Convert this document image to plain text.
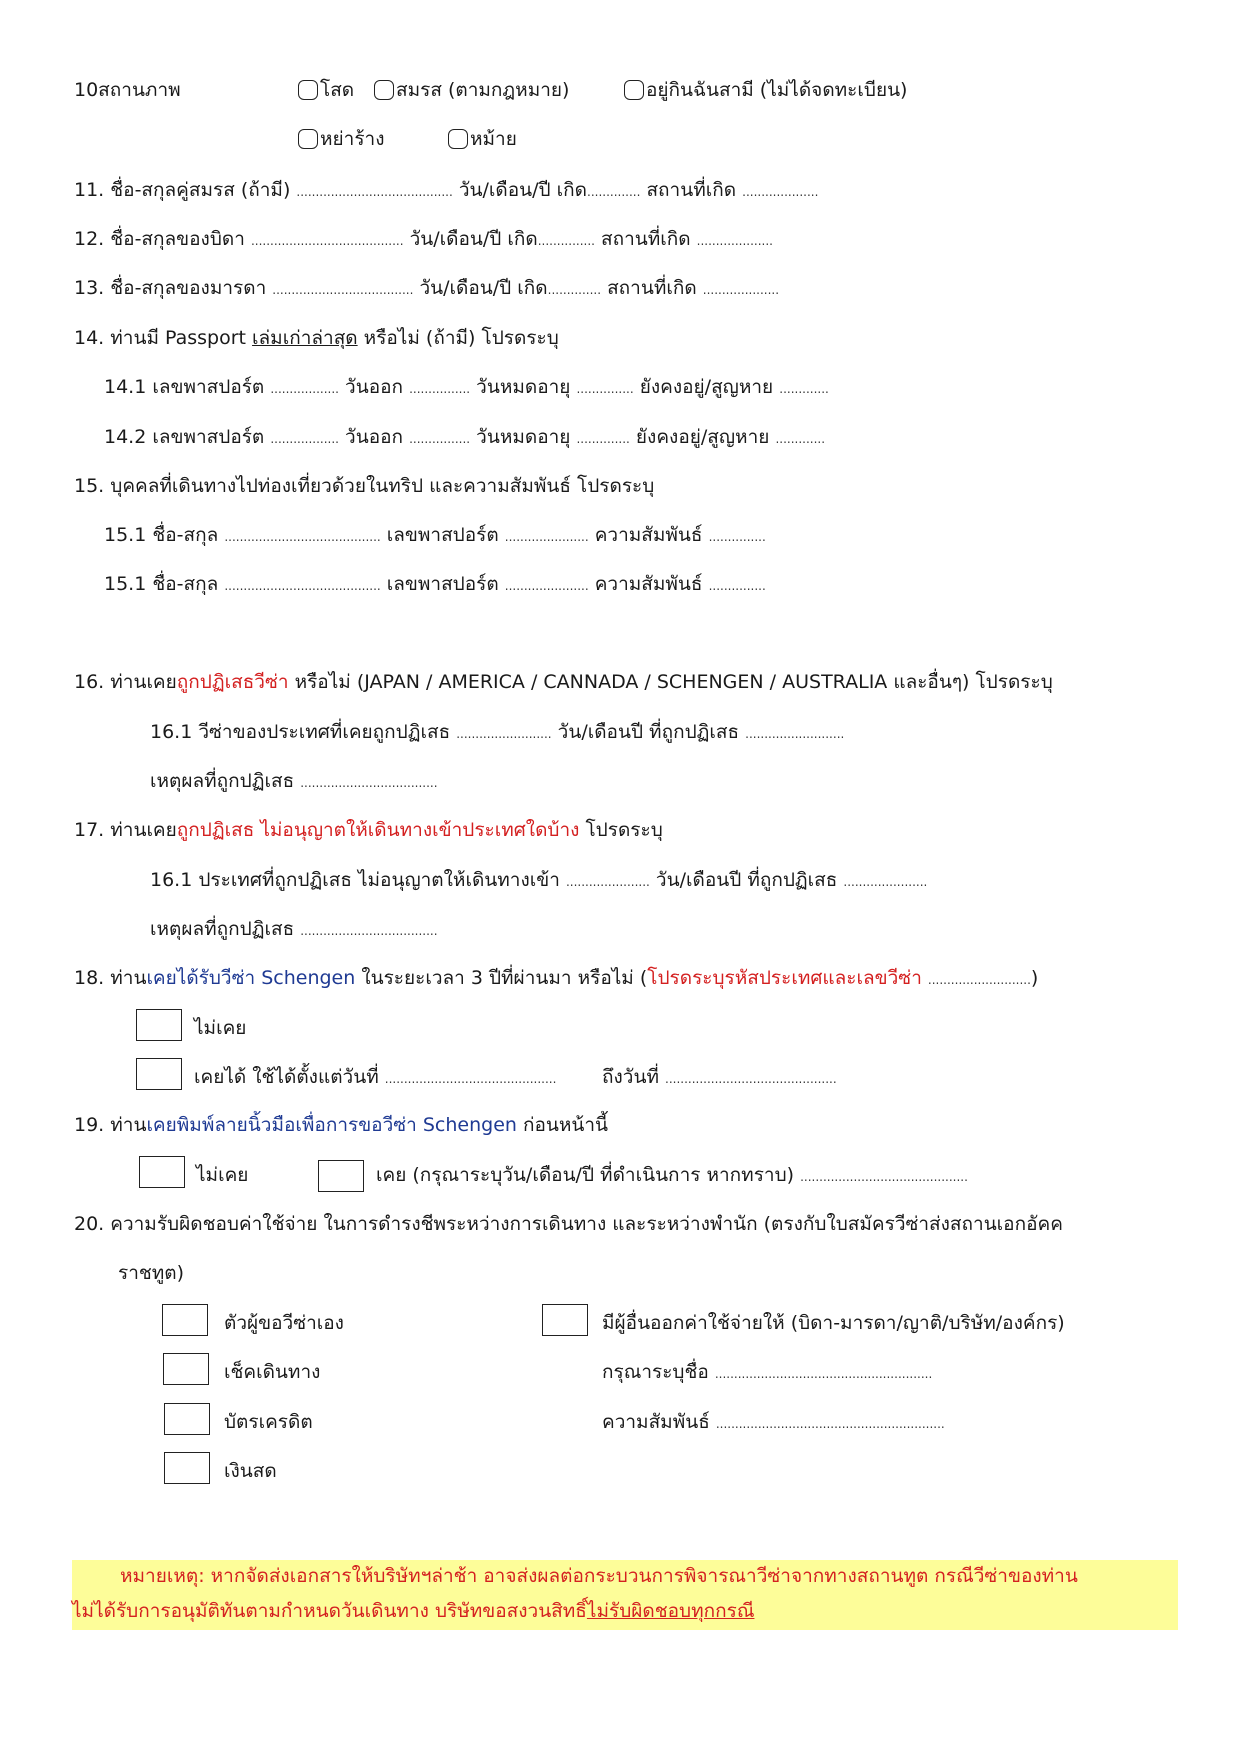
10สถานภาพ	โสด	สมรส (ตามกฎหมาย)	อยู่กินฉันสามี (ไม่ได้จดทะเบียน)
หย่าร้าง	หม้าย
11. ชื่อ-สกุลคู่สมรส (ถ้ามี) ......................................... วัน/เดือน/ปี เกิด.............. สถานที่เกิด ....................
12. ชื่อ-สกุลของบิดา ........................................ วัน/เดือน/ปี เกิด............... สถานที่เกิด ....................
13. ชื่อ-สกุลของมารดา ..................................... วัน/เดือน/ปี เกิด.............. สถานที่เกิด ....................
14. ท่านมี Passport เล่มเก่าล่าสุด หรือไม่ (ถ้ามี) โปรดระบุ
14.1 เลขพาสปอร์ต .................. วันออก ................ วันหมดอายุ ............... ยังคงอยู่/สูญหาย .............
14.2 เลขพาสปอร์ต .................. วันออก ................ วันหมดอายุ .............. ยังคงอยู่/สูญหาย .............
15. บุคคลที่เดินทางไปท่องเที่ยวด้วยในทริป และความสัมพันธ์ โปรดระบุ
15.1 ชื่อ-สกุล ......................................... เลขพาสปอร์ต ...................... ความสัมพันธ์ ...............
15.1 ชื่อ-สกุล ......................................... เลขพาสปอร์ต ...................... ความสัมพันธ์ ...............
16. ท่านเคยถูกปฏิเสธวีซ่า หรือไม่ (JAPAN / AMERICA / CANNADA / SCHENGEN / AUSTRALIA และอื่นๆ) โปรดระบุ
16.1 วีซ่าของประเทศที่เคยถูกปฏิเสธ ......................... วัน/เดือนปี ที่ถูกปฏิเสธ ..........................
เหตุผลที่ถูกปฏิเสธ ....................................
17. ท่านเคยถูกปฏิเสธ ไม่อนุญาตให้เดินทางเข้าประเทศใดบ้าง โปรดระบุ
16.1 ประเทศที่ถูกปฏิเสธ ไม่อนุญาตให้เดินทางเข้า ...................... วัน/เดือนปี ที่ถูกปฏิเสธ ......................
เหตุผลที่ถูกปฏิเสธ ....................................
18. ท่านเคยได้รับวีซ่า Schengen ในระยะเวลา 3 ปีที่ผ่านมา หรือไม่ (โปรดระบุรหัสประเทศและเลขวีซ่า ...........................)
ไม่เคย
เคยได้ ใช้ได้ตั้งแต่วันที่ ............................................. ถึงวันที่ .............................................
19. ท่านเคยพิมพ์ลายนิ้วมือเพื่อการขอวีซ่า Schengen ก่อนหน้านี้
ไม่เคย	เคย (กรุณาระบุวัน/เดือน/ปี ที่ดำเนินการ หากทราบ) ............................................
20. ความรับผิดชอบค่าใช้จ่าย ในการดำรงชีพระหว่างการเดินทาง และระหว่างพำนัก (ตรงกับใบสมัครวีซ่าส่งสถานเอกอัคค
ราชทูต)
ตัวผู้ขอวีซ่าเอง	มีผู้อื่นออกค่าใช้จ่ายให้ (บิดา-มารดา/ญาติ/บริษัท/องค์กร)
เช็คเดินทาง	กรุณาระบุชื่อ .........................................................
บัตรเครดิต	ความสัมพันธ์ ............................................................
เงินสด
หมายเหตุ: หากจัดส่งเอกสารให้บริษัทฯล่าช้า อาจส่งผลต่อกระบวนการพิจารณาวีซ่าจากทางสถานทูต กรณีวีซ่าของท่าน
ไม่ได้รับการอนุมัติทันตามกำหนดวันเดินทาง บริษัทขอสงวนสิทธิ์ไม่รับผิดชอบทุกกรณี
